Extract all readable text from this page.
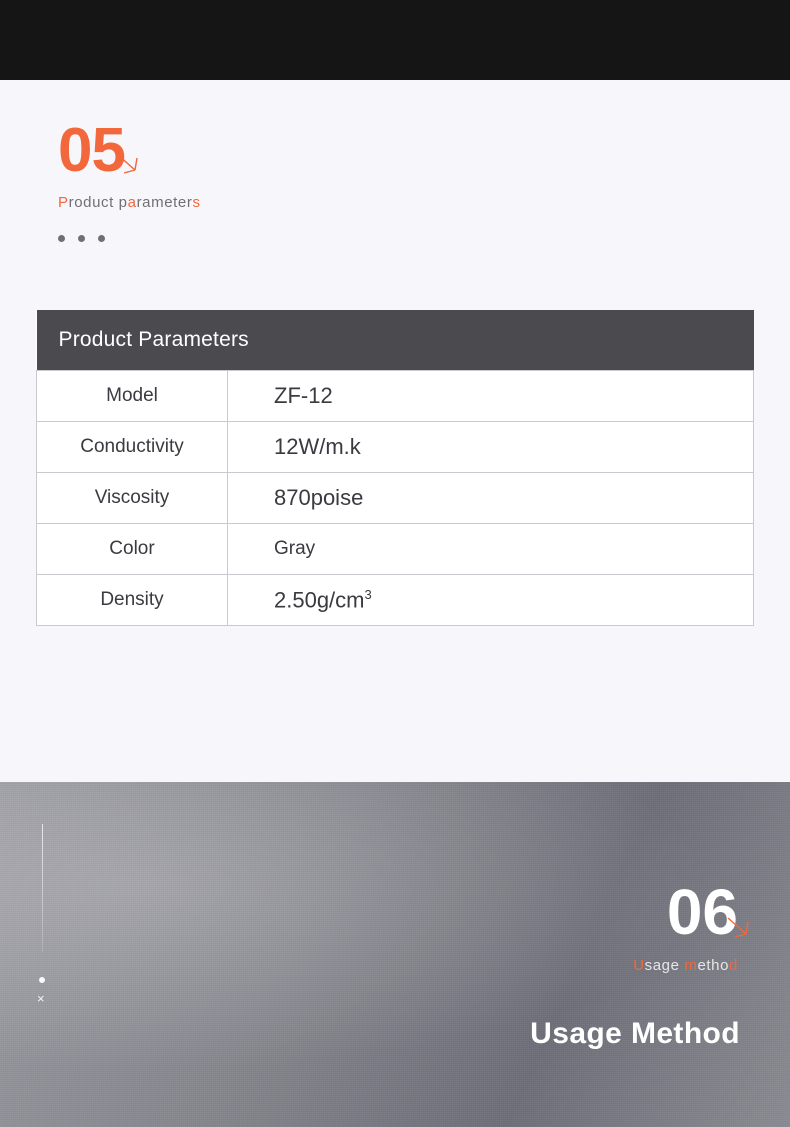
05
Product parameters
Product Parameters	
Model	ZF-12
Conductivity	12W/m.k
Viscosity	870poise
Color	Gray
Density	$2.50g/cm^3$
×
06
Usage method
Usage Method
